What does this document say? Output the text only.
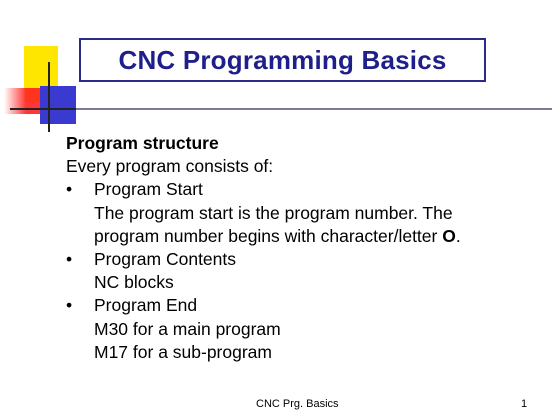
CNC Programming Basics
Program structure
Every program consists of:
•	Program Start
The program start is the program number. The
program number begins with character/letter O.
•	Program Contents
NC blocks
•	Program End
M30 for a main program
M17 for a sub-program
CNC Prg. Basics	1
